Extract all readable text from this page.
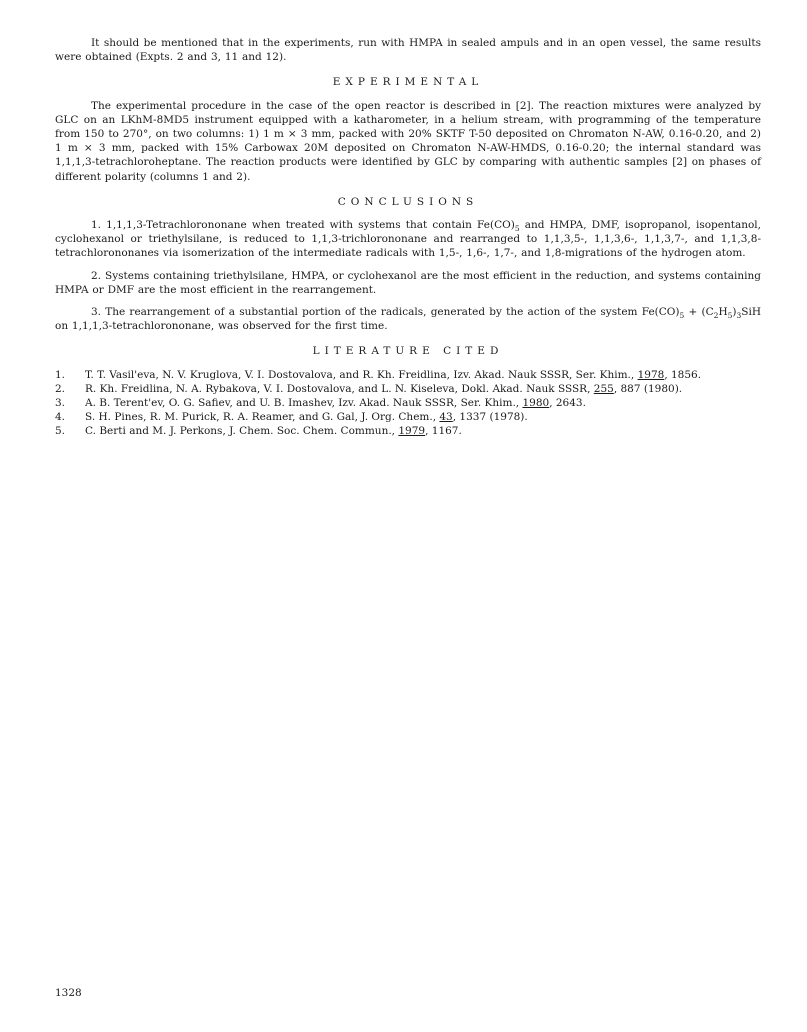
It should be mentioned that in the experiments, run with HMPA in sealed ampuls and in an open vessel, the same results were obtained (Expts. 2 and 3, 11 and 12).

EXPERIMENTAL

The experimental procedure in the case of the open reactor is described in [2]. The reaction mixtures were analyzed by GLC on an LKhM-8MD5 instrument equipped with a katharometer, in a helium stream, with programming of the temperature from 150 to 270°, on two columns: 1) 1 m × 3 mm, packed with 20% SKTF T-50 deposited on Chromaton N-AW, 0.16-0.20, and 2) 1 m × 3 mm, packed with 15% Carbowax 20M deposited on Chromaton N-AW-HMDS, 0.16-0.20; the internal standard was 1,1,1,3-tetrachloroheptane. The reaction products were identified by GLC by comparing with authentic samples [2] on phases of different polarity (columns 1 and 2).

CONCLUSIONS

1. 1,1,1,3-Tetrachlorononane when treated with systems that contain $Fe(CO)_5$ and HMPA, DMF, isopropanol, isopentanol, cyclohexanol or triethylsilane, is reduced to 1,1,3-trichlorononane and rearranged to 1,1,3,5-, 1,1,3,6-, 1,1,3,7-, and 1,1,3,8-tetrachlorononanes via isomerization of the intermediate radicals with 1,5-, 1,6-, 1,7-, and 1,8-migrations of the hydrogen atom.

2. Systems containing triethylsilane, HMPA, or cyclohexanol are the most efficient in the reduction, and systems containing HMPA or DMF are the most efficient in the rearrangement.

3. The rearrangement of a substantial portion of the radicals, generated by the action of the system $Fe(CO)_5 + (C_2H_5)_3SiH$ on 1,1,1,3-tetrachlorononane, was observed for the first time.

LITERATURE CITED
1.	T. T. Vasil'eva, N. V. Kruglova, V. I. Dostovalova, and R. Kh. Freidlina, Izv. Akad. Nauk SSSR, Ser. Khim., 1978, 1856.
2.	R. Kh. Freidlina, N. A. Rybakova, V. I. Dostovalova, and L. N. Kiseleva, Dokl. Akad. Nauk SSSR, 255, 887 (1980).
3.	A. B. Terent'ev, O. G. Safiev, and U. B. Imashev, Izv. Akad. Nauk SSSR, Ser. Khim., 1980, 2643.
4.	S. H. Pines, R. M. Purick, R. A. Reamer, and G. Gal, J. Org. Chem., 43, 1337 (1978).
5.	C. Berti and M. J. Perkons, J. Chem. Soc. Chem. Commun., 1979, 1167.
1328
